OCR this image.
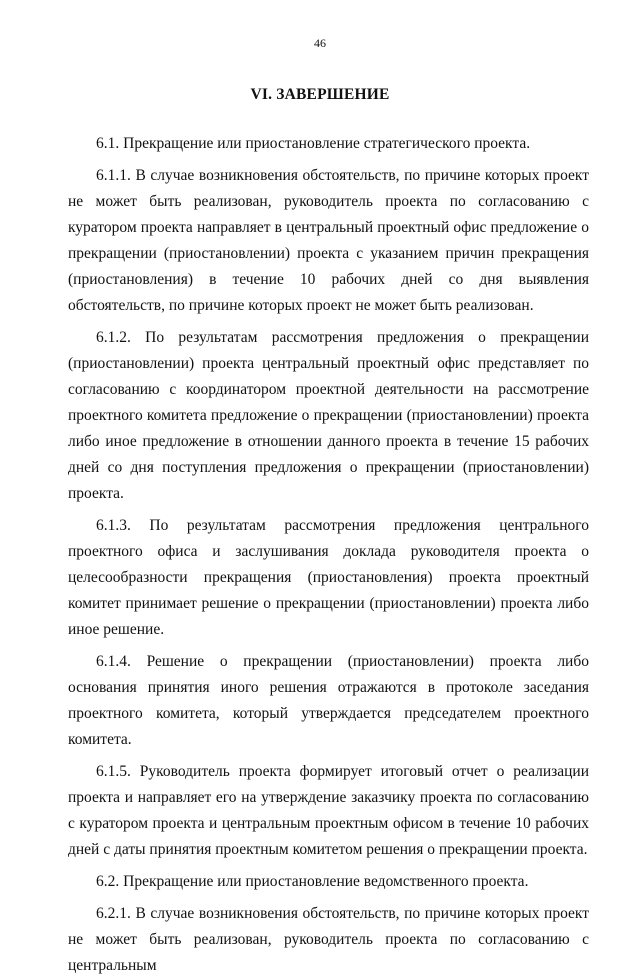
46
VI. ЗАВЕРШЕНИЕ

6.1. Прекращение или приостановление стратегического проекта.

6.1.1. В случае возникновения обстоятельств, по причине которых проект не может быть реализован, руководитель проекта по согласованию с куратором проекта направляет в центральный проектный офис предложение о прекращении (приостановлении) проекта с указанием причин прекращения (приостановления) в течение 10 рабочих дней со дня выявления обстоятельств, по причине которых проект не может быть реализован.

6.1.2. По результатам рассмотрения предложения о прекращении (приостановлении) проекта центральный проектный офис представляет по согласованию с координатором проектной деятельности на рассмотрение проектного комитета предложение о прекращении (приостановлении) проекта либо иное предложение в отношении данного проекта в течение 15 рабочих дней со дня поступления предложения о прекращении (приостановлении) проекта.

6.1.3. По результатам рассмотрения предложения центрального проектного офиса и заслушивания доклада руководителя проекта о целесообразности прекращения (приостановления) проекта проектный комитет принимает решение о прекращении (приостановлении) проекта либо иное решение.

6.1.4. Решение о прекращении (приостановлении) проекта либо основания принятия иного решения отражаются в протоколе заседания проектного комитета, который утверждается председателем проектного комитета.

6.1.5. Руководитель проекта формирует итоговый отчет о реализации проекта и направляет его на утверждение заказчику проекта по согласованию с куратором проекта и центральным проектным офисом в течение 10 рабочих дней с даты принятия проектным комитетом решения о прекращении проекта.

6.2. Прекращение или приостановление ведомственного проекта.

6.2.1. В случае возникновения обстоятельств, по причине которых проект не может быть реализован, руководитель проекта по согласованию с центральным
